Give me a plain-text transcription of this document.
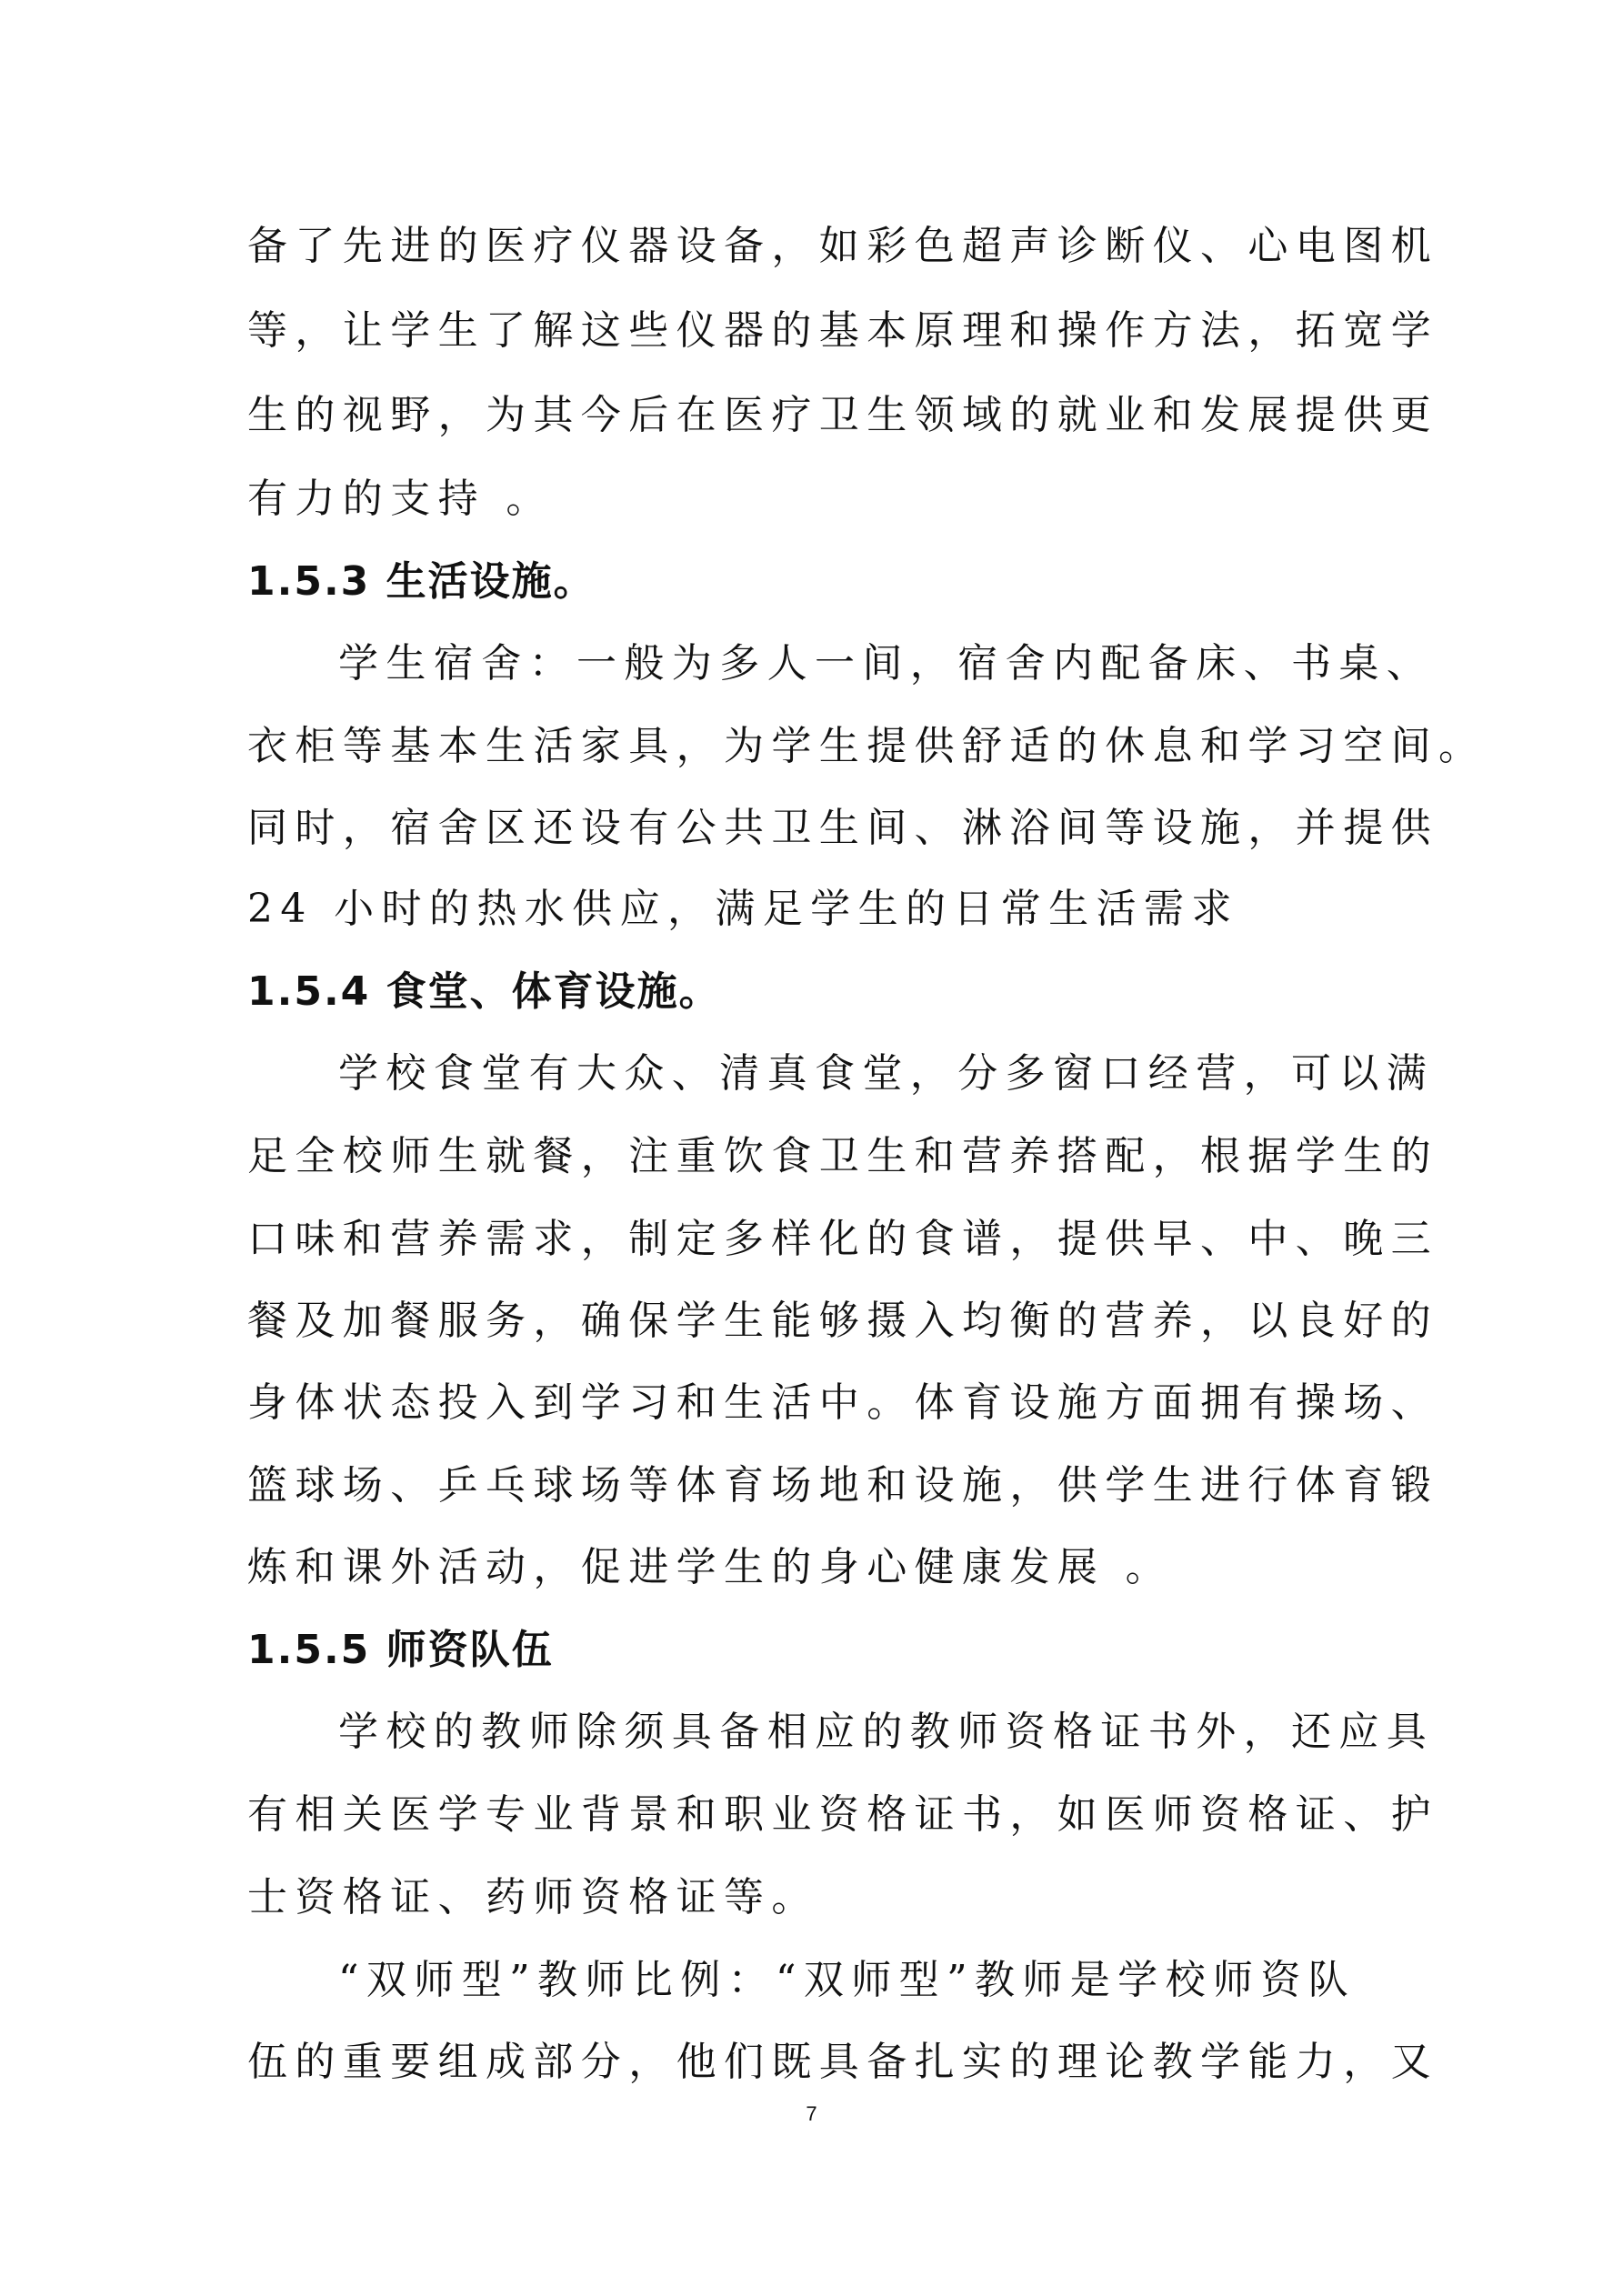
备了先进的医疗仪器设备，如彩色超声诊断仪、心电图机
等，让学生了解这些仪器的基本原理和操作方法，拓宽学
生的视野，为其今后在医疗卫生领域的就业和发展提供更
有力的支持 。
1.5.3 生活设施。
学生宿舍：一般为多人一间，宿舍内配备床、书桌、
衣柜等基本生活家具，为学生提供舒适的休息和学习空间。
同时，宿舍区还设有公共卫生间、淋浴间等设施，并提供
24 小时的热水供应，满足学生的日常生活需求
1.5.4 食堂、体育设施。
学校食堂有大众、清真食堂，分多窗口经营，可以满
足全校师生就餐，注重饮食卫生和营养搭配，根据学生的
口味和营养需求，制定多样化的食谱，提供早、中、晚三
餐及加餐服务，确保学生能够摄入均衡的营养，以良好的
身体状态投入到学习和生活中。体育设施方面拥有操场、
篮球场、乒乓球场等体育场地和设施，供学生进行体育锻
炼和课外活动，促进学生的身心健康发展 。
1.5.5 师资队伍
学校的教师除须具备相应的教师资格证书外，还应具
有相关医学专业背景和职业资格证书，如医师资格证、护
士资格证、药师资格证等。
“双师型”教师比例：“双师型”教师是学校师资队
伍的重要组成部分，他们既具备扎实的理论教学能力，又
7
